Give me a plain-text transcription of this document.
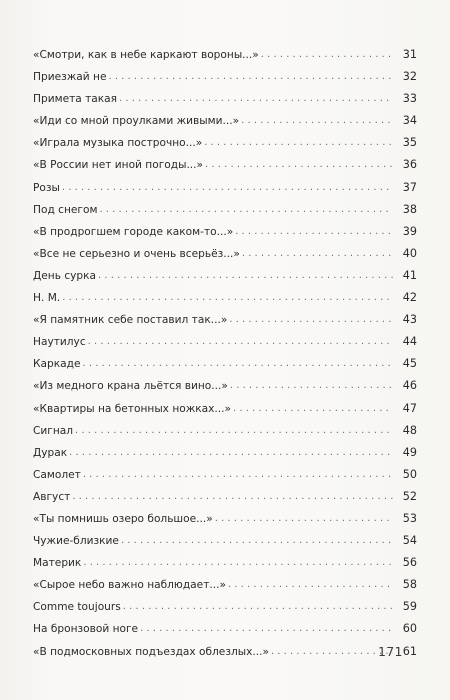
«Смотри, как в небе каркают вороны...» . . .	31
Приезжай не . . .	32
Примета такая . . .	33
«Иди со мной проулками живыми...» . . .	34
«Играла музыка построчно...» . . .	35
«В России нет иной погоды...» . . .	36
Розы . . .	37
Под снегом . . .	38
«В продрогшем городе каком-то...» . . .	39
«Все не серьезно и очень всерьёз...» . . .	40
День сурка . . .	41
Н. М. . . .	42
«Я памятник себе поставил так...» . . .	43
Наутилус . . .	44
Каркаде . . .	45
«Из медного крана льётся вино...» . . .	46
«Квартиры на бетонных ножках...» . . .	47
Сигнал . . .	48
Дурак . . .	49
Самолет . . .	50
Август . . .	52
«Ты помнишь озеро большое...» . . .	53
Чужие-близкие . . .	54
Материк . . .	56
«Сырое небо важно наблюдает...» . . .	58
Comme toujours . . .	59
На бронзовой ноге . . .	60
«В подмосковных подъездах облезлых...» . . .	61
171
